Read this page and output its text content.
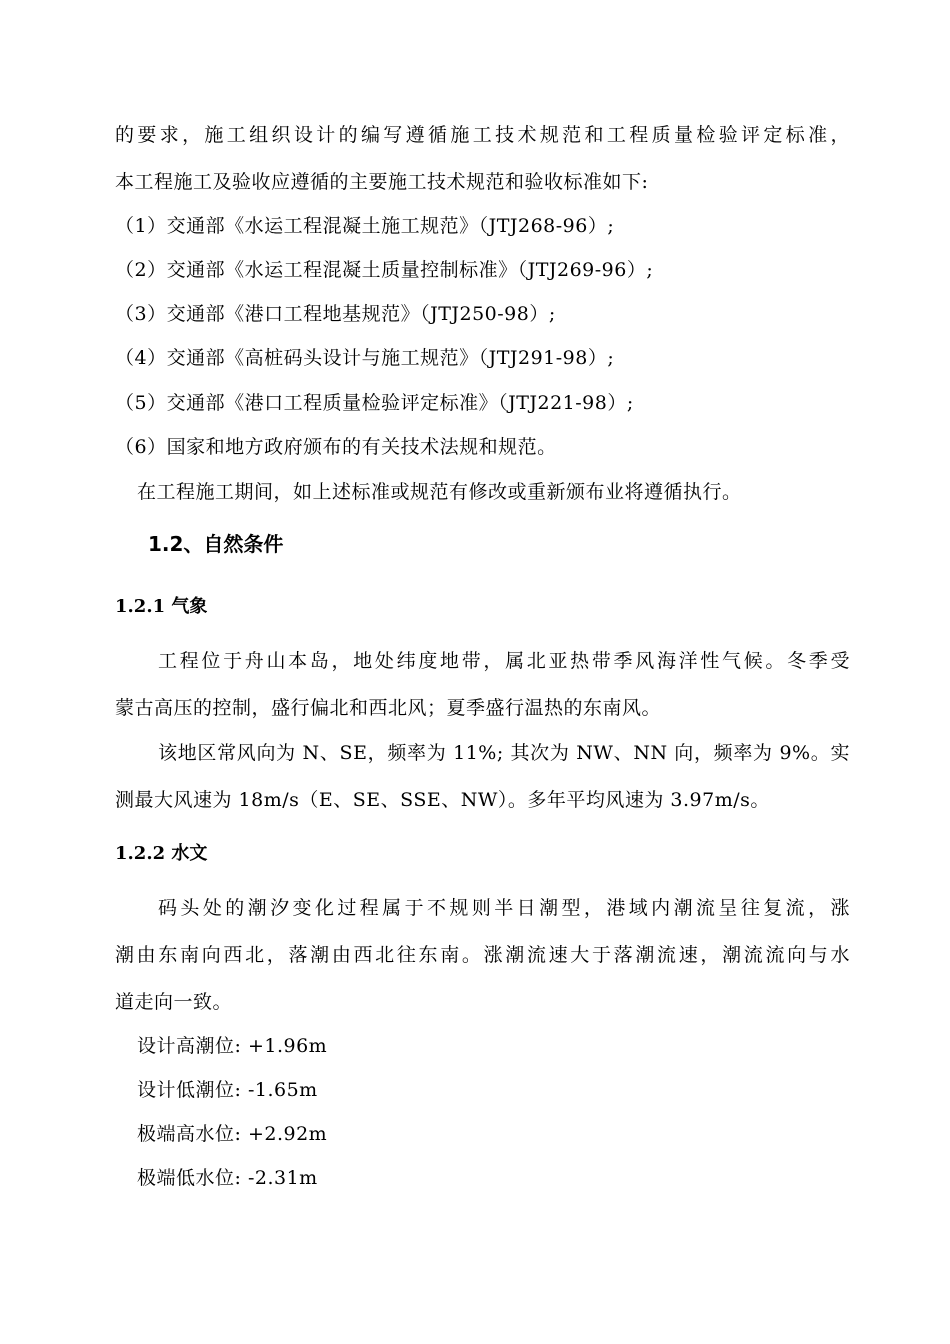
的要求，施工组织设计的编写遵循施工技术规范和工程质量检验评定标准，
本工程施工及验收应遵循的主要施工技术规范和验收标准如下:
（1）交通部《水运工程混凝土施工规范》（JTJ268-96）;
（2）交通部《水运工程混凝土质量控制标准》（JTJ269-96）;
（3）交通部《港口工程地基规范》（JTJ250-98）;
（4）交通部《高桩码头设计与施工规范》（JTJ291-98）;
（5）交通部《港口工程质量检验评定标准》（JTJ221-98）;
（6）国家和地方政府颁布的有关技术法规和规范。
在工程施工期间，如上述标准或规范有修改或重新颁布业将遵循执行。
1.2、自然条件
1.2.1 气象
工程位于舟山本岛，地处纬度地带，属北亚热带季风海洋性气候。冬季受
蒙古高压的控制，盛行偏北和西北风；夏季盛行温热的东南风。
该地区常风向为 N、SE，频率为 11%; 其次为 NW、NN 向，频率为 9%。实
测最大风速为 18m/s（E、SE、SSE、NW）。多年平均风速为 3.97m/s。
1.2.2 水文
码头处的潮汐变化过程属于不规则半日潮型，港域内潮流呈往复流，涨
潮由东南向西北，落潮由西北往东南。涨潮流速大于落潮流速，潮流流向与水
道走向一致。
设计高潮位: +1.96m
设计低潮位: -1.65m
极端高水位: +2.92m
极端低水位: -2.31m
